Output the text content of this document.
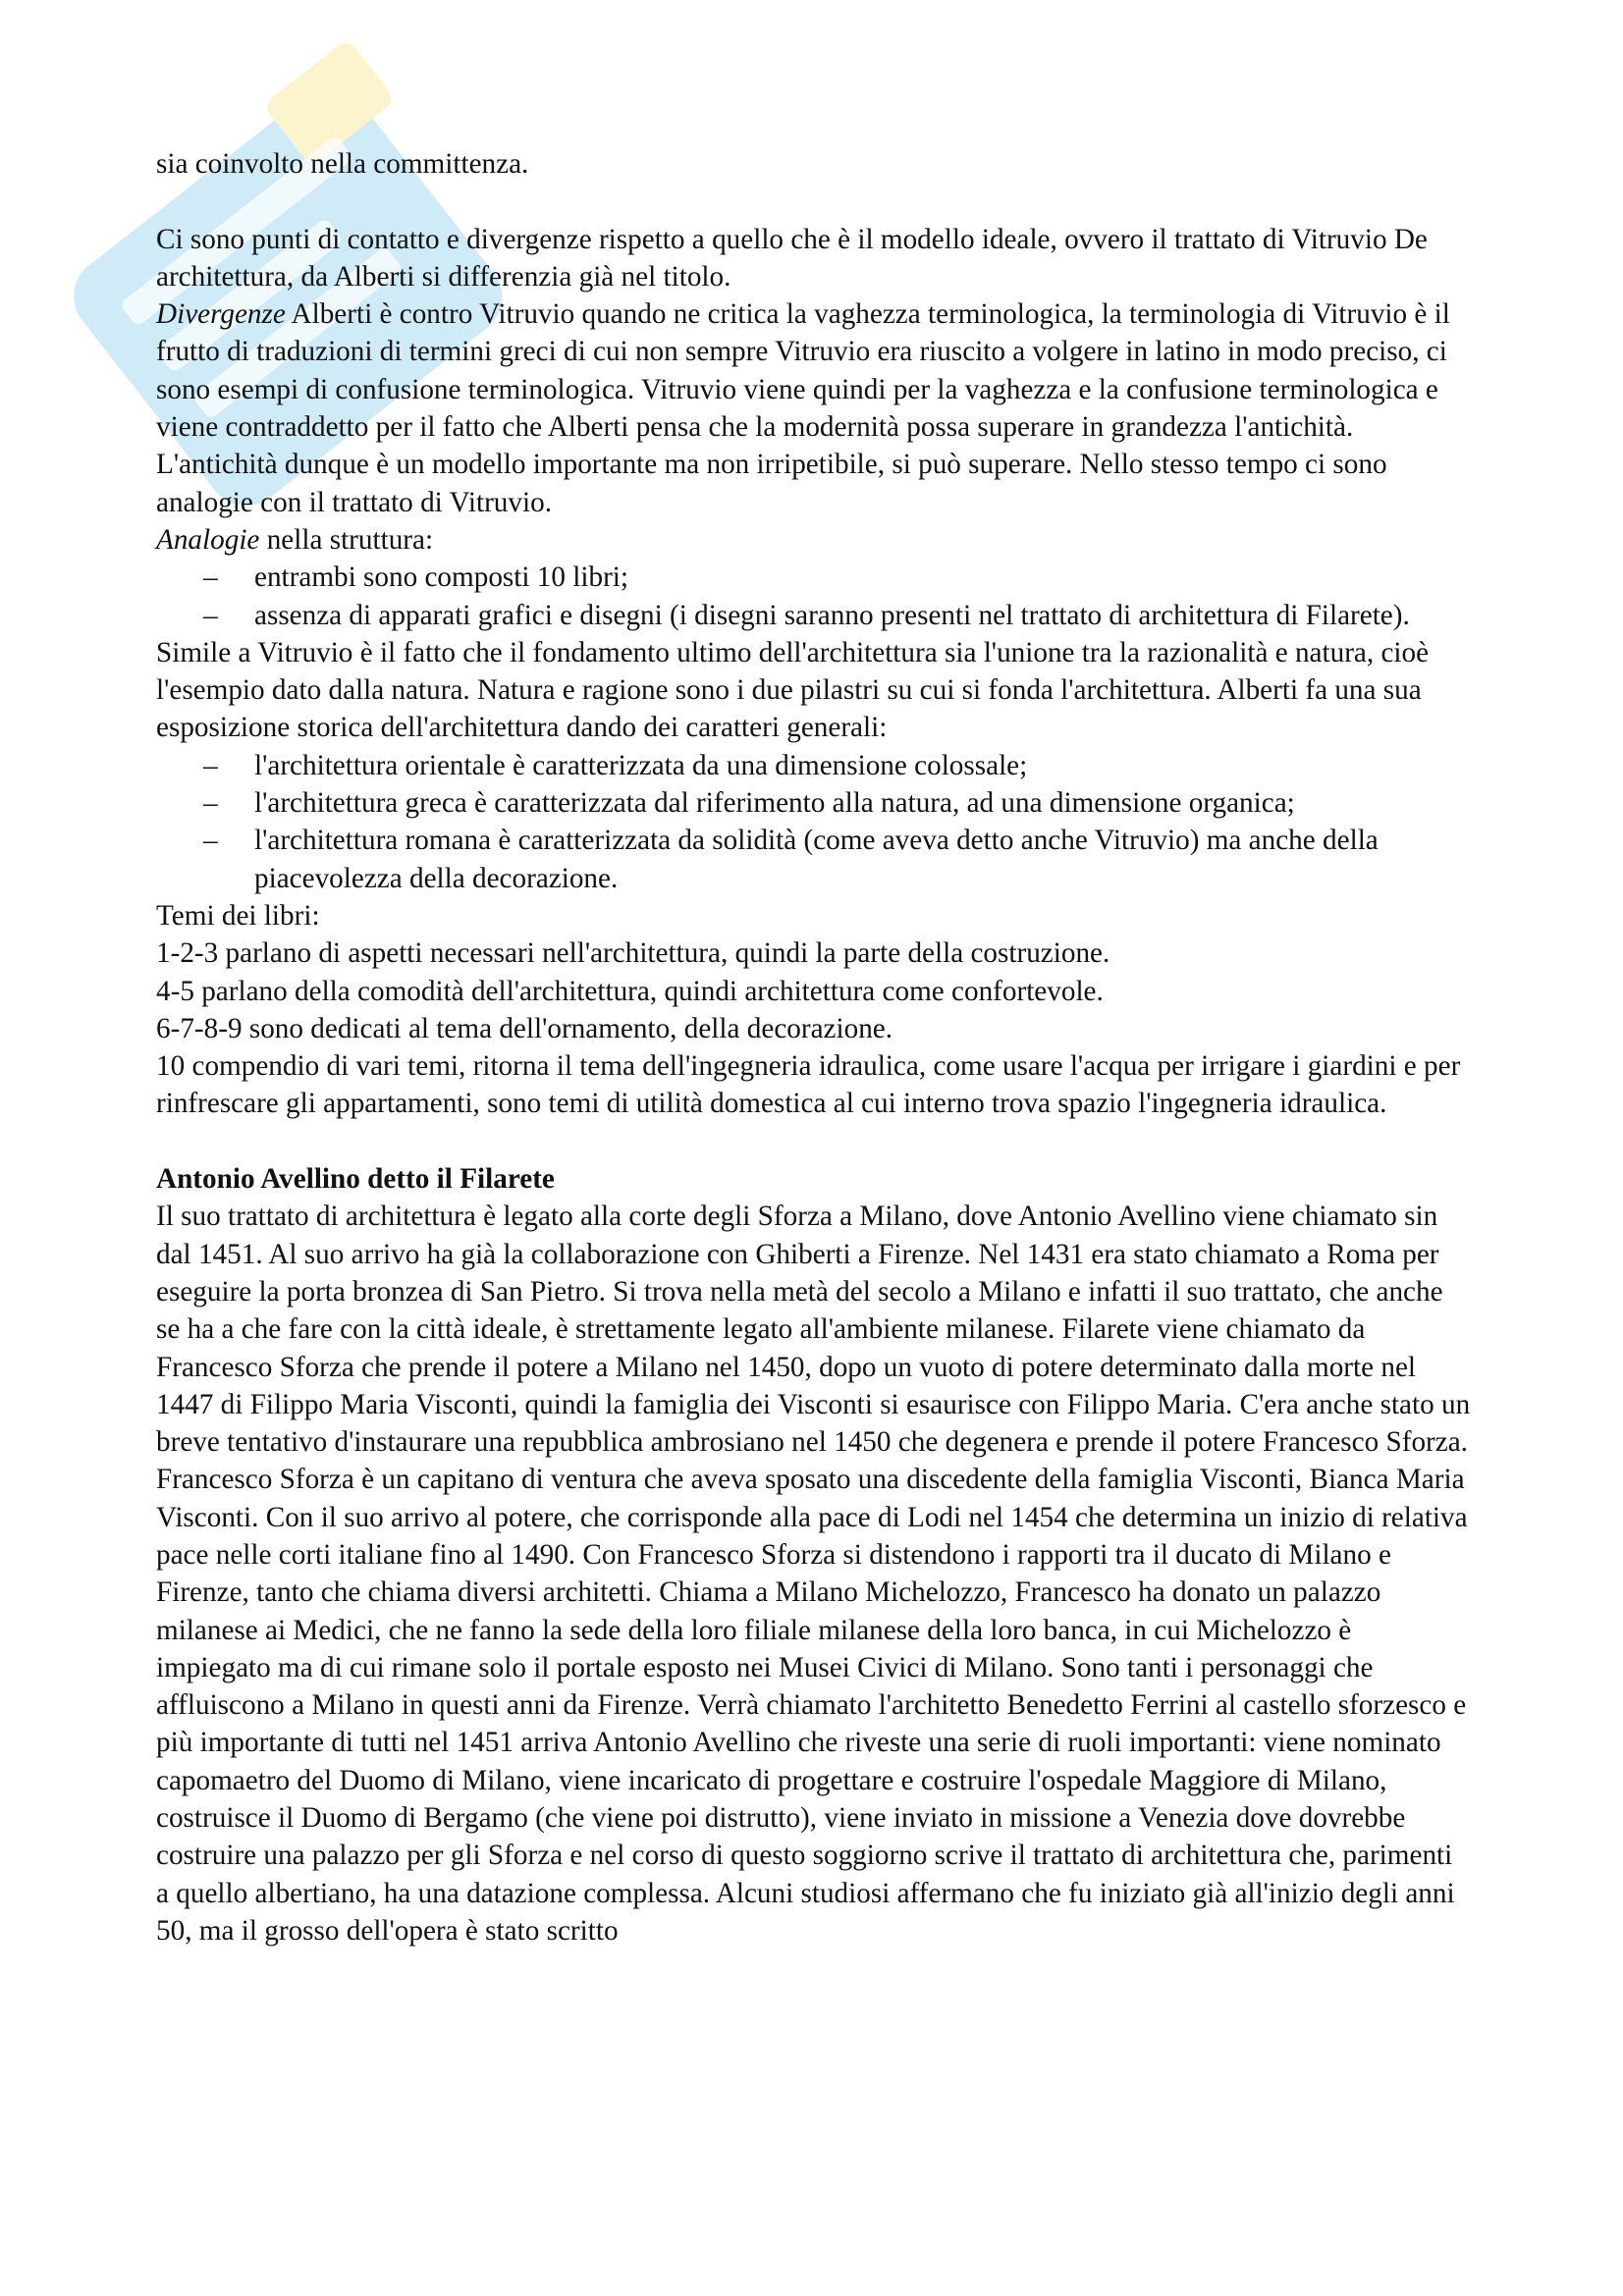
sia coinvolto nella committenza.

Ci sono punti di contatto e divergenze rispetto a quello che è il modello ideale, ovvero il trattato di Vitruvio De architettura, da Alberti si differenzia già nel titolo.

Divergenze Alberti è contro Vitruvio quando ne critica la vaghezza terminologica, la terminologia di Vitruvio è il frutto di traduzioni di termini greci di cui non sempre Vitruvio era riuscito a volgere in latino in modo preciso, ci sono esempi di confusione terminologica. Vitruvio viene quindi per la vaghezza e la confusione terminologica e viene contraddetto per il fatto che Alberti pensa che la modernità possa superare in grandezza l'antichità. L'antichità dunque è un modello importante ma non irripetibile, si può superare. Nello stesso tempo ci sono analogie con il trattato di Vitruvio.

Analogie nella struttura:

– entrambi sono composti 10 libri;
– assenza di apparati grafici e disegni (i disegni saranno presenti nel trattato di architettura di Filarete).

Simile a Vitruvio è il fatto che il fondamento ultimo dell'architettura sia l'unione tra la razionalità e natura, cioè l'esempio dato dalla natura. Natura e ragione sono i due pilastri su cui si fonda l'architettura. Alberti fa una sua esposizione storica dell'architettura dando dei caratteri generali:

– l'architettura orientale è caratterizzata da una dimensione colossale;
– l'architettura greca è caratterizzata dal riferimento alla natura, ad una dimensione organica;
– l'architettura romana è caratterizzata da solidità (come aveva detto anche Vitruvio) ma anche della piacevolezza della decorazione.

Temi dei libri:

1-2-3 parlano di aspetti necessari nell'architettura, quindi la parte della costruzione.

4-5 parlano della comodità dell'architettura, quindi architettura come confortevole.

6-7-8-9 sono dedicati al tema dell'ornamento, della decorazione.

10 compendio di vari temi, ritorna il tema dell'ingegneria idraulica, come usare l'acqua per irrigare i giardini e per rinfrescare gli appartamenti, sono temi di utilità domestica al cui interno trova spazio l'ingegneria idraulica.

Antonio Avellino detto il Filarete

Il suo trattato di architettura è legato alla corte degli Sforza a Milano, dove Antonio Avellino viene chiamato sin dal 1451. Al suo arrivo ha già la collaborazione con Ghiberti a Firenze. Nel 1431 era stato chiamato a Roma per eseguire la porta bronzea di San Pietro. Si trova nella metà del secolo a Milano e infatti il suo trattato, che anche se ha a che fare con la città ideale, è strettamente legato all'ambiente milanese. Filarete viene chiamato da Francesco Sforza che prende il potere a Milano nel 1450, dopo un vuoto di potere determinato dalla morte nel 1447 di Filippo Maria Visconti, quindi la famiglia dei Visconti si esaurisce con Filippo Maria. C'era anche stato un breve tentativo d'instaurare una repubblica ambrosiano nel 1450 che degenera e prende il potere Francesco Sforza. Francesco Sforza è un capitano di ventura che aveva sposato una discedente della famiglia Visconti, Bianca Maria Visconti. Con il suo arrivo al potere, che corrisponde alla pace di Lodi nel 1454 che determina un inizio di relativa pace nelle corti italiane fino al 1490. Con Francesco Sforza si distendono i rapporti tra il ducato di Milano e Firenze, tanto che chiama diversi architetti. Chiama a Milano Michelozzo, Francesco ha donato un palazzo milanese ai Medici, che ne fanno la sede della loro filiale milanese della loro banca, in cui Michelozzo è impiegato ma di cui rimane solo il portale esposto nei Musei Civici di Milano. Sono tanti i personaggi che affluiscono a Milano in questi anni da Firenze. Verrà chiamato l'architetto Benedetto Ferrini al castello sforzesco e più importante di tutti nel 1451 arriva Antonio Avellino che riveste una serie di ruoli importanti: viene nominato capomaetro del Duomo di Milano, viene incaricato di progettare e costruire l'ospedale Maggiore di Milano, costruisce il Duomo di Bergamo (che viene poi distrutto), viene inviato in missione a Venezia dove dovrebbe costruire una palazzo per gli Sforza e nel corso di questo soggiorno scrive il trattato di architettura che, parimenti a quello albertiano, ha una datazione complessa. Alcuni studiosi affermano che fu iniziato già all'inizio degli anni 50, ma il grosso dell'opera è stato scritto
